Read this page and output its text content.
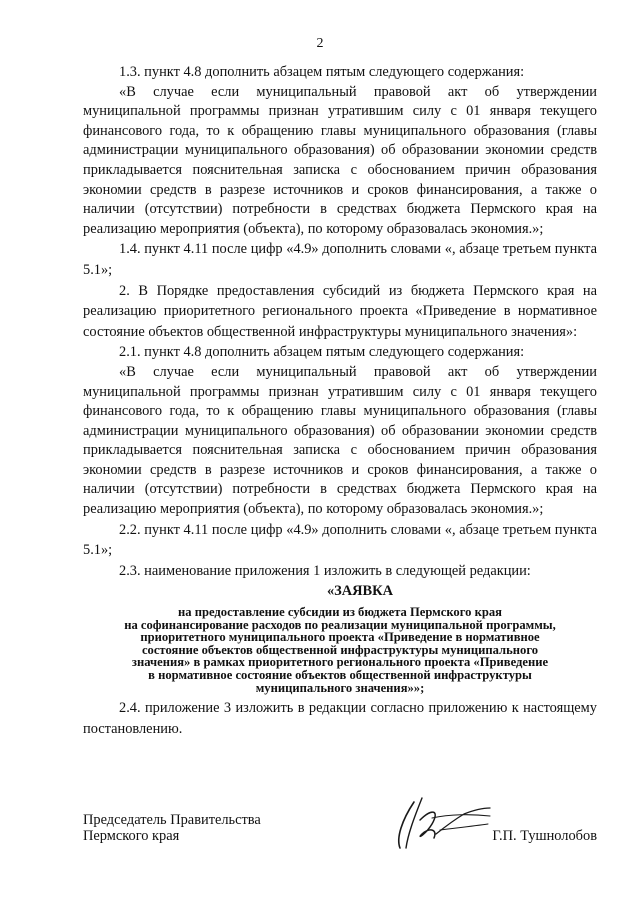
2

1.3. пункт 4.8 дополнить абзацем пятым следующего содержания:

«В случае если муниципальный правовой акт об утверждении муниципальной программы признан утратившим силу с 01 января текущего финансового года, то к обращению главы муниципального образования (главы администрации муниципального образования) об образовании экономии средств прикладывается пояснительная записка с обоснованием причин образования экономии средств в разрезе источников и сроков финансирования, а также о наличии (отсутствии) потребности в средствах бюджета Пермского края на реализацию мероприятия (объекта), по которому образовалась экономия.»;

1.4. пункт 4.11 после цифр «4.9» дополнить словами «, абзаце третьем пункта 5.1»;

2. В Порядке предоставления субсидий из бюджета Пермского края на реализацию приоритетного регионального проекта «Приведение в нормативное состояние объектов общественной инфраструктуры муниципального значения»:

2.1. пункт 4.8 дополнить абзацем пятым следующего содержания:

«В случае если муниципальный правовой акт об утверждении муниципальной программы признан утратившим силу с 01 января текущего финансового года, то к обращению главы муниципального образования (главы администрации муниципального образования) об образовании экономии средств прикладывается пояснительная записка с обоснованием причин образования экономии средств в разрезе источников и сроков финансирования, а также о наличии (отсутствии) потребности в средствах бюджета Пермского края на реализацию мероприятия (объекта), по которому образовалась экономия.»;

2.2. пункт 4.11 после цифр «4.9» дополнить словами «, абзаце третьем пункта 5.1»;

2.3. наименование приложения 1 изложить в следующей редакции:

«ЗАЯВКА

на предоставление субсидии из бюджета Пермского края
на софинансирование расходов по реализации муниципальной программы,
приоритетного муниципального проекта «Приведение в нормативное
состояние объектов общественной инфраструктуры муниципального
значения» в рамках приоритетного регионального проекта «Приведение
в нормативное состояние объектов общественной инфраструктуры
муниципального значения»»;

2.4. приложение 3 изложить в редакции согласно приложению к настоящему постановлению.

Председатель Правительства
Пермского края	Г.П. Тушнолобов
